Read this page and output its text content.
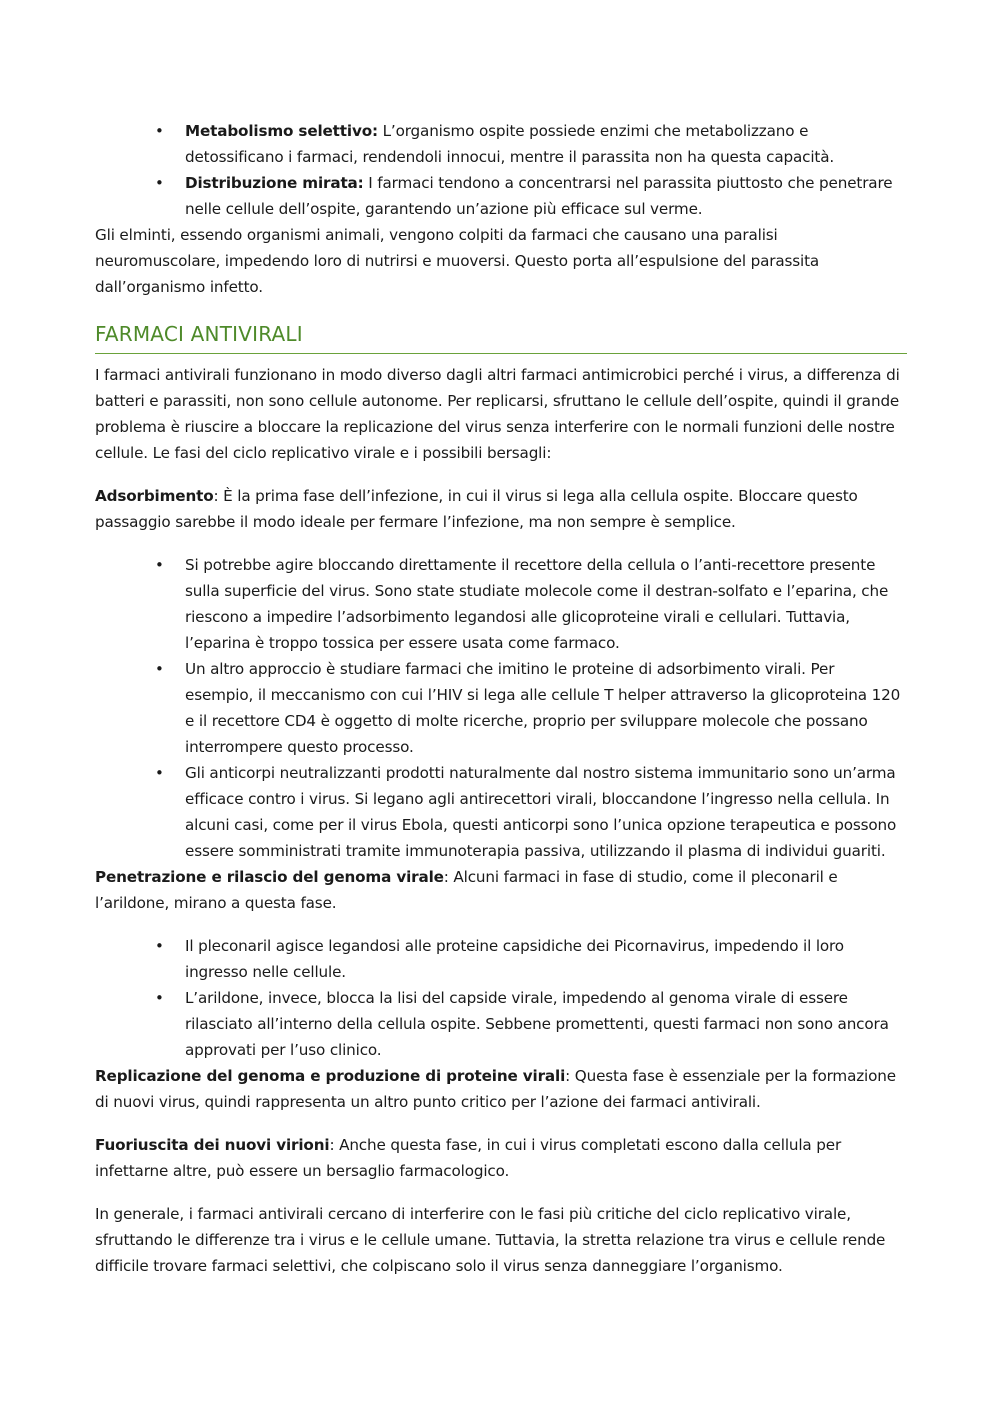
• Metabolismo selettivo: L’organismo ospite possiede enzimi che metabolizzano e detossificano i farmaci, rendendoli innocui, mentre il parassita non ha questa capacità.
• Distribuzione mirata: I farmaci tendono a concentrarsi nel parassita piuttosto che penetrare nelle cellule dell’ospite, garantendo un’azione più efficace sul verme.

Gli elminti, essendo organismi animali, vengono colpiti da farmaci che causano una paralisi neuromuscolare, impedendo loro di nutrirsi e muoversi. Questo porta all’espulsione del parassita dall’organismo infetto.

FARMACI ANTIVIRALI

I farmaci antivirali funzionano in modo diverso dagli altri farmaci antimicrobici perché i virus, a differenza di batteri e parassiti, non sono cellule autonome. Per replicarsi, sfruttano le cellule dell’ospite, quindi il grande problema è riuscire a bloccare la replicazione del virus senza interferire con le normali funzioni delle nostre cellule. Le fasi del ciclo replicativo virale e i possibili bersagli:

Adsorbimento: È la prima fase dell’infezione, in cui il virus si lega alla cellula ospite. Bloccare questo passaggio sarebbe il modo ideale per fermare l’infezione, ma non sempre è semplice.

• Si potrebbe agire bloccando direttamente il recettore della cellula o l’anti-recettore presente sulla superficie del virus. Sono state studiate molecole come il destran-solfato e l’eparina, che riescono a impedire l’adsorbimento legandosi alle glicoproteine virali e cellulari. Tuttavia, l’eparina è troppo tossica per essere usata come farmaco.
• Un altro approccio è studiare farmaci che imitino le proteine di adsorbimento virali. Per esempio, il meccanismo con cui l’HIV si lega alle cellule T helper attraverso la glicoproteina 120 e il recettore CD4 è oggetto di molte ricerche, proprio per sviluppare molecole che possano interrompere questo processo.
• Gli anticorpi neutralizzanti prodotti naturalmente dal nostro sistema immunitario sono un’arma efficace contro i virus. Si legano agli antirecettori virali, bloccandone l’ingresso nella cellula. In alcuni casi, come per il virus Ebola, questi anticorpi sono l’unica opzione terapeutica e possono essere somministrati tramite immunoterapia passiva, utilizzando il plasma di individui guariti.

Penetrazione e rilascio del genoma virale: Alcuni farmaci in fase di studio, come il pleconaril e l’arildone, mirano a questa fase.

• Il pleconaril agisce legandosi alle proteine capsidiche dei Picornavirus, impedendo il loro ingresso nelle cellule.
• L’arildone, invece, blocca la lisi del capside virale, impedendo al genoma virale di essere rilasciato all’interno della cellula ospite. Sebbene promettenti, questi farmaci non sono ancora approvati per l’uso clinico.

Replicazione del genoma e produzione di proteine virali: Questa fase è essenziale per la formazione di nuovi virus, quindi rappresenta un altro punto critico per l’azione dei farmaci antivirali.

Fuoriuscita dei nuovi virioni: Anche questa fase, in cui i virus completati escono dalla cellula per infettarne altre, può essere un bersaglio farmacologico.

In generale, i farmaci antivirali cercano di interferire con le fasi più critiche del ciclo replicativo virale, sfruttando le differenze tra i virus e le cellule umane. Tuttavia, la stretta relazione tra virus e cellule rende difficile trovare farmaci selettivi, che colpiscano solo il virus senza danneggiare l’organismo.
